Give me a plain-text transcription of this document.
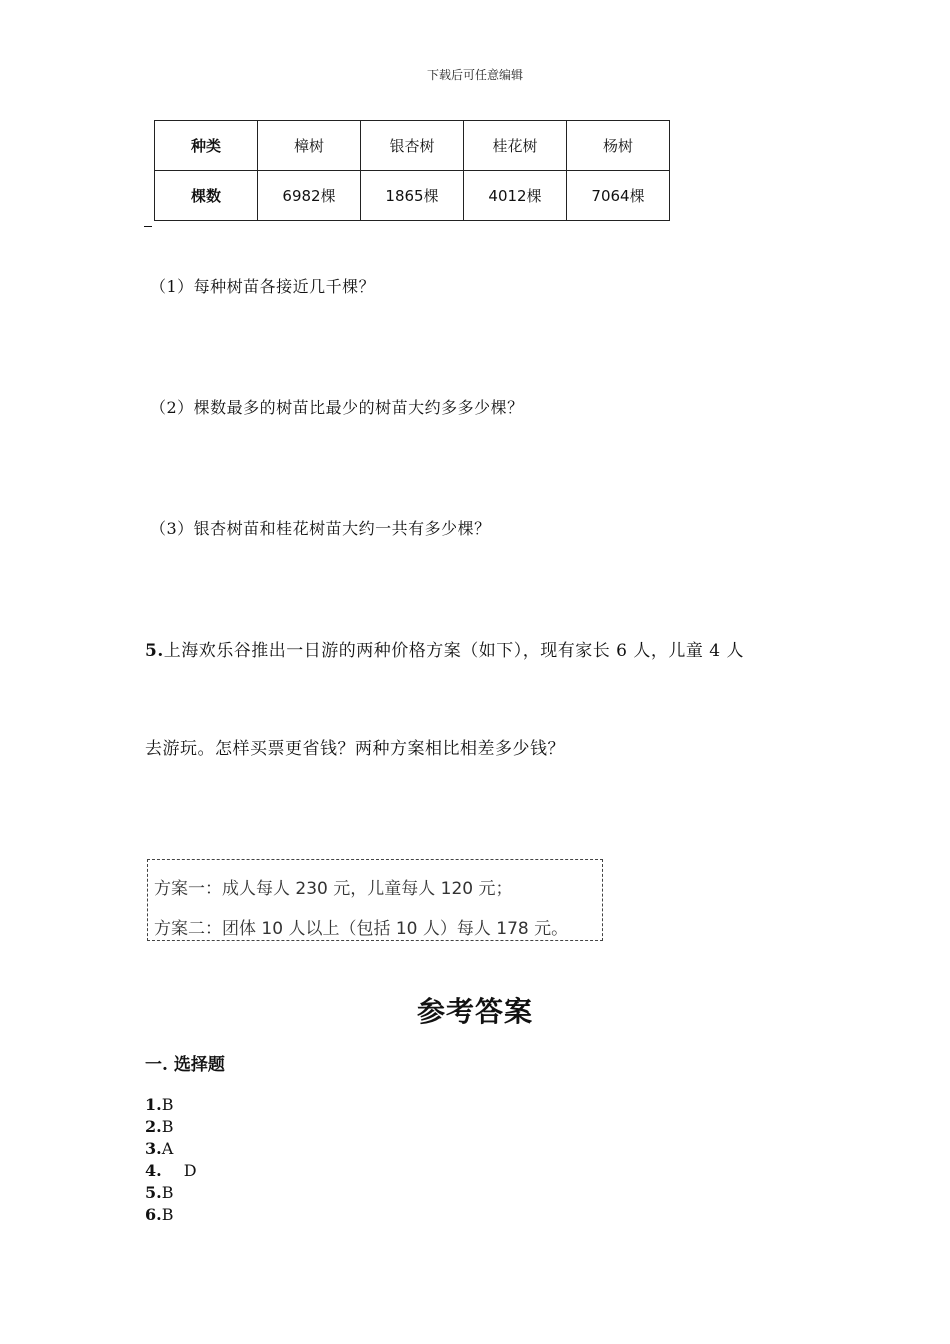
下载后可任意编辑
种类	樟树	银杏树	桂花树	杨树
棵数	6982棵	1865棵	4012棵	7064棵
（1）每种树苗各接近几千棵？
（2）棵数最多的树苗比最少的树苗大约多多少棵？
（3）银杏树苗和桂花树苗大约一共有多少棵？
5.上海欢乐谷推出一日游的两种价格方案（如下），现有家长 6 人，儿童 4 人
去游玩。怎样买票更省钱？两种方案相比相差多少钱？
方案一：成人每人 230 元，儿童每人 120 元；
方案二：团体 10 人以上（包括 10 人）每人 178 元。
参考答案
一. 选择题
1.B
2.B
3.A
4. D
5.B
6.B
